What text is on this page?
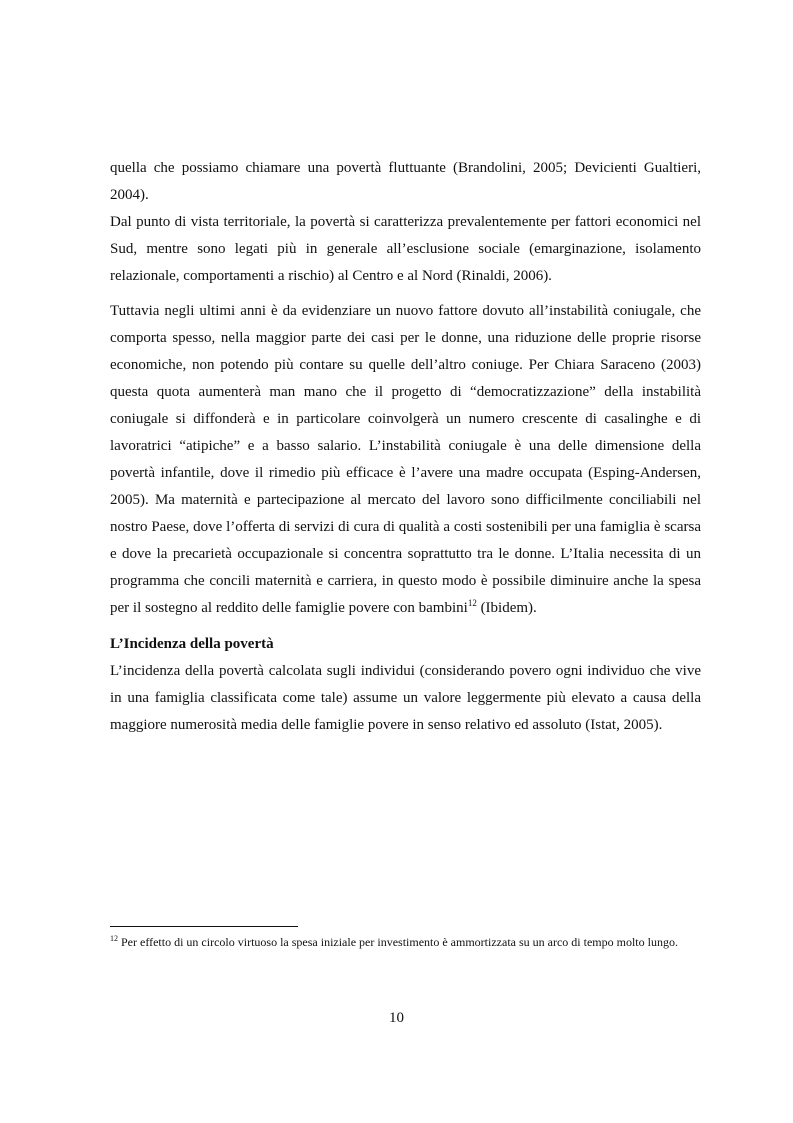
quella che possiamo chiamare una povertà fluttuante (Brandolini, 2005; Devicienti Gualtieri, 2004).

Dal punto di vista territoriale, la povertà si caratterizza prevalentemente per fattori economici nel Sud, mentre sono legati più in generale all’esclusione sociale (emarginazione, isolamento relazionale, comportamenti a rischio) al Centro e al Nord (Rinaldi, 2006).

Tuttavia negli ultimi anni è da evidenziare un nuovo fattore dovuto all’instabilità coniugale, che comporta spesso, nella maggior parte dei casi per le donne, una riduzione delle proprie risorse economiche, non potendo più contare su quelle dell’altro coniuge. Per Chiara Saraceno (2003) questa quota aumenterà man mano che il progetto di “democratizzazione” della instabilità coniugale si diffonderà e in particolare coinvolgerà un numero crescente di casalinghe e di lavoratrici “atipiche” e a basso salario. L’instabilità coniugale è una delle dimensione della povertà infantile, dove il rimedio più efficace è l’avere una madre occupata (Esping-Andersen, 2005). Ma maternità e partecipazione al mercato del lavoro sono difficilmente conciliabili nel nostro Paese, dove l’offerta di servizi di cura di qualità a costi sostenibili per una famiglia è scarsa e dove la precarietà occupazionale si concentra soprattutto tra le donne. L’Italia necessita di un programma che concili maternità e carriera, in questo modo è possibile diminuire anche la spesa per il sostegno al reddito delle famiglie povere con bambini$^{12}$ (Ibidem).

L’Incidenza della povertà

L’incidenza della povertà calcolata sugli individui (considerando povero ogni individuo che vive in una famiglia classificata come tale) assume un valore leggermente più elevato a causa della maggiore numerosità media delle famiglie povere in senso relativo ed assoluto (Istat, 2005).

$^{12}$ Per effetto di un circolo virtuoso la spesa iniziale per investimento è ammortizzata su un arco di tempo molto lungo.
10
